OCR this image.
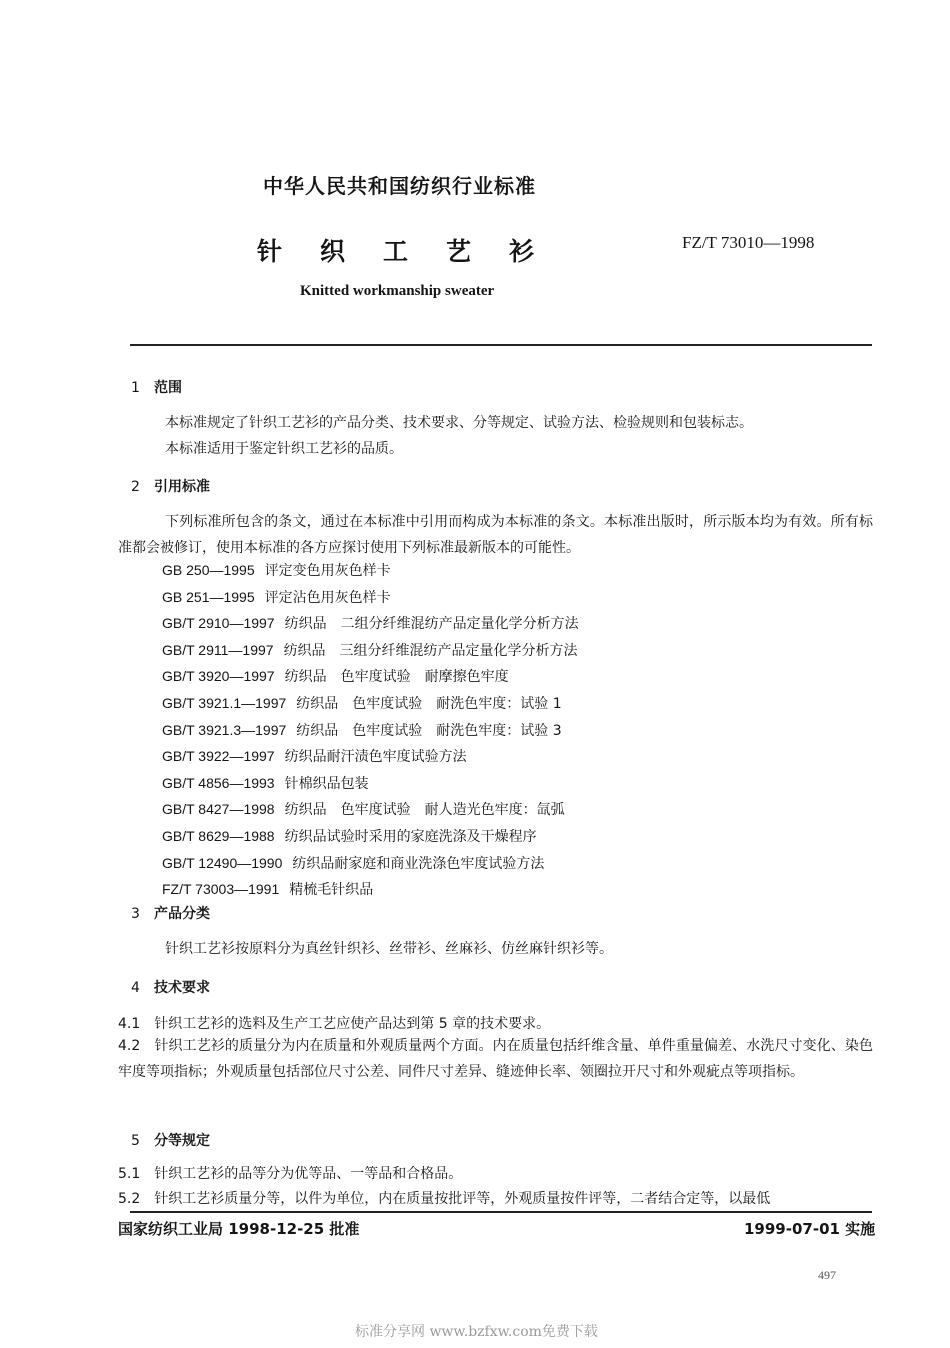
中华人民共和国纺织行业标准
针织工艺衫	FZ/T 73010—1998
Knitted workmanship sweater
1 范围
本标准规定了针织工艺衫的产品分类、技术要求、分等规定、试验方法、检验规则和包装标志。
本标准适用于鉴定针织工艺衫的品质。
2 引用标准
下列标准所包含的条文，通过在本标准中引用而构成为本标准的条文。本标准出版时，所示版本均为有效。所有标准都会被修订，使用本标准的各方应探讨使用下列标准最新版本的可能性。
GB 250—1995 评定变色用灰色样卡
GB 251—1995 评定沾色用灰色样卡
GB/T 2910—1997 纺织品　二组分纤维混纺产品定量化学分析方法
GB/T 2911—1997 纺织品　三组分纤维混纺产品定量化学分析方法
GB/T 3920—1997 纺织品　色牢度试验　耐摩擦色牢度
GB/T 3921.1—1997 纺织品　色牢度试验　耐洗色牢度：试验 1
GB/T 3921.3—1997 纺织品　色牢度试验　耐洗色牢度：试验 3
GB/T 3922—1997 纺织品耐汗渍色牢度试验方法
GB/T 4856—1993 针棉织品包装
GB/T 8427—1998 纺织品　色牢度试验　耐人造光色牢度：氙弧
GB/T 8629—1988 纺织品试验时采用的家庭洗涤及干燥程序
GB/T 12490—1990 纺织品耐家庭和商业洗涤色牢度试验方法
FZ/T 73003—1991 精梳毛针织品
3 产品分类
针织工艺衫按原料分为真丝针织衫、丝带衫、丝麻衫、仿丝麻针织衫等。
4 技术要求
4.1　针织工艺衫的选料及生产工艺应使产品达到第 5 章的技术要求。
4.2　针织工艺衫的质量分为内在质量和外观质量两个方面。内在质量包括纤维含量、单件重量偏差、水洗尺寸变化、染色牢度等项指标；外观质量包括部位尺寸公差、同件尺寸差异、缝迹伸长率、领圈拉开尺寸和外观疵点等项指标。
5 分等规定
5.1　针织工艺衫的品等分为优等品、一等品和合格品。
5.2　针织工艺衫质量分等，以件为单位，内在质量按批评等，外观质量按件评等，二者结合定等，以最低
国家纺织工业局 1998-12-25 批准	1999-07-01 实施
497
标准分享网 www.bzfxw.com免费下载
